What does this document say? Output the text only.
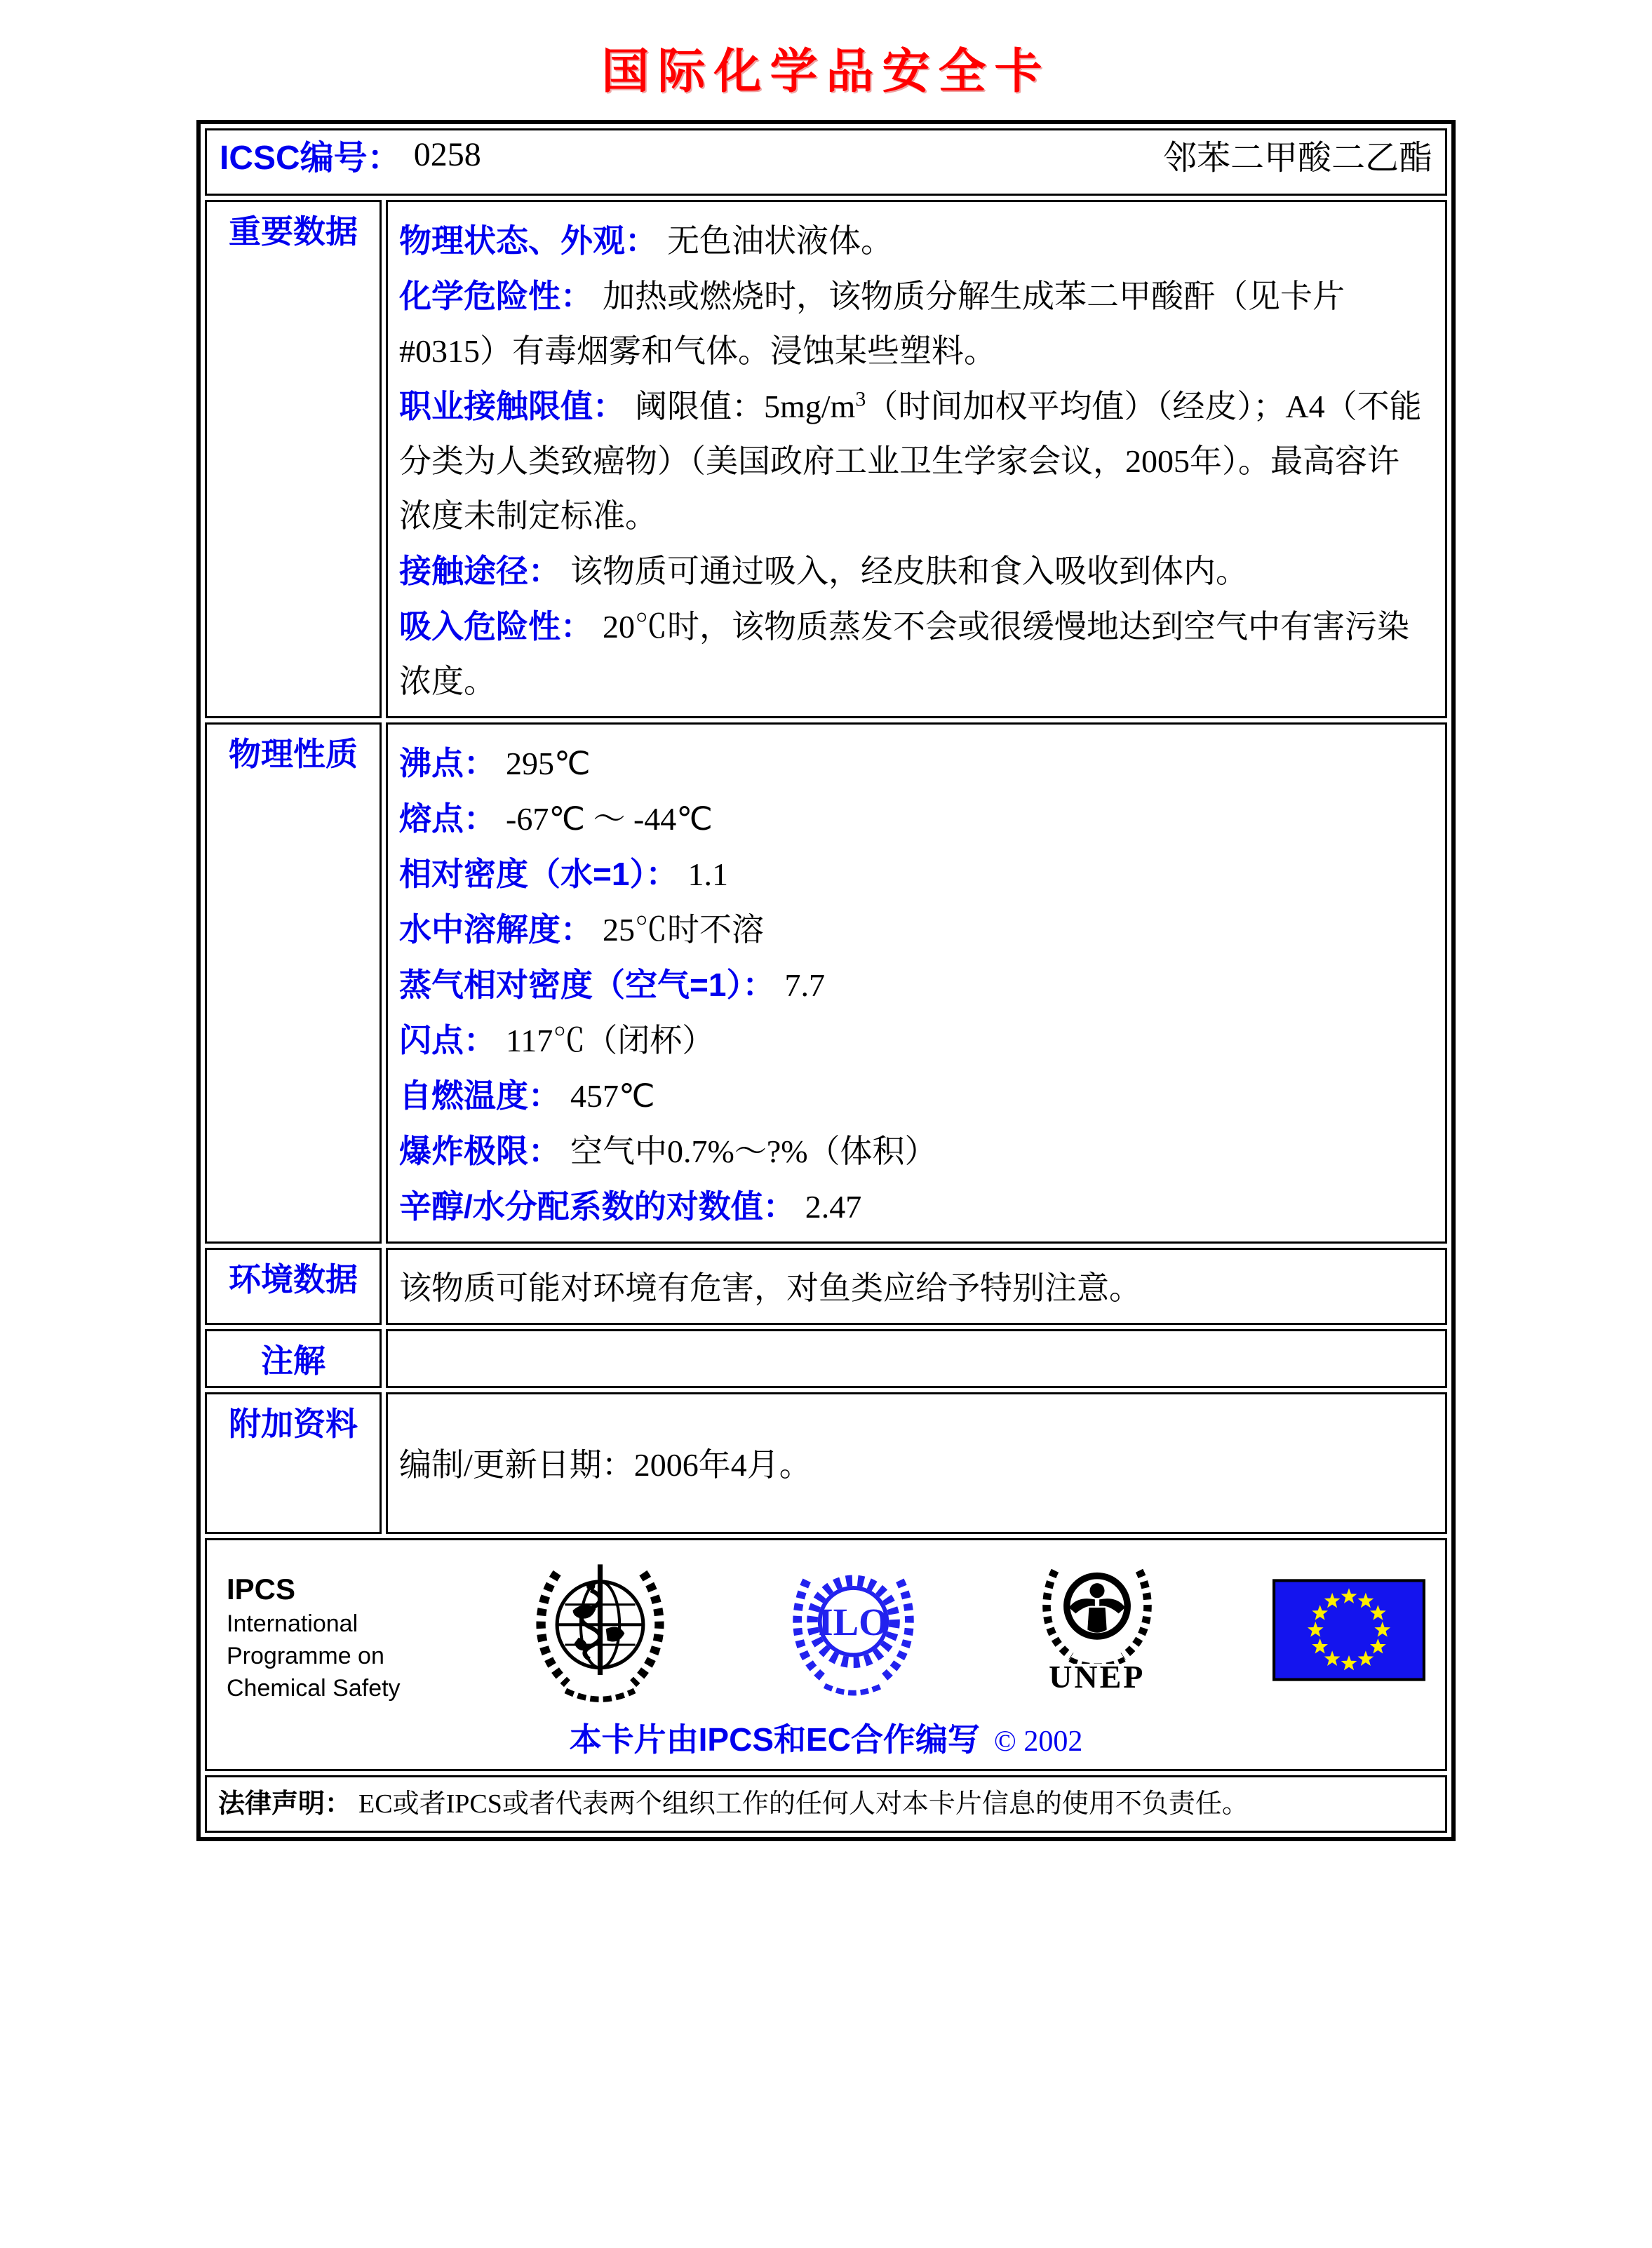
国际化学品安全卡
ICSC编号： 0258 邻苯二甲酸二乙酯	

重要数据	物理状态、外观： 无色油状液体。

化学危险性： 加热或燃烧时，该物质分解生成苯二甲酸酐（见卡片#0315）有毒烟雾和气体。浸蚀某些塑料。

职业接触限值： 阈限值：$5mg/m^3$（时间加权平均值）（经皮）；A4（不能分类为人类致癌物）（美国政府工业卫生学家会议，2005年）。最高容许浓度未制定标准。

接触途径： 该物质可通过吸入，经皮肤和食入吸收到体内。

吸入危险性： 20℃时，该物质蒸发不会或很缓慢地达到空气中有害污染浓度。

物理性质	沸点： 295℃

熔点： -67℃ ～ -44℃

相对密度（水=1）： 1.1

水中溶解度： 25℃时不溶

蒸气相对密度（空气=1）： 7.7

闪点： 117℃（闭杯）

自燃温度： 457℃

爆炸极限： 空气中0.7%～?%（体积）

辛醇/水分配系数的对数值： 2.47

环境数据	该物质可能对环境有危害，对鱼类应给予特别注意。
注解	
附加资料	编制/更新日期：2006年4月。

IPCS
International
Programme on
Chemical Safety
ILO
UNEP
本卡片由IPCS和EC合作编写 © 2002

法律声明： EC或者IPCS或者代表两个组织工作的任何人对本卡片信息的使用不负责任。	
